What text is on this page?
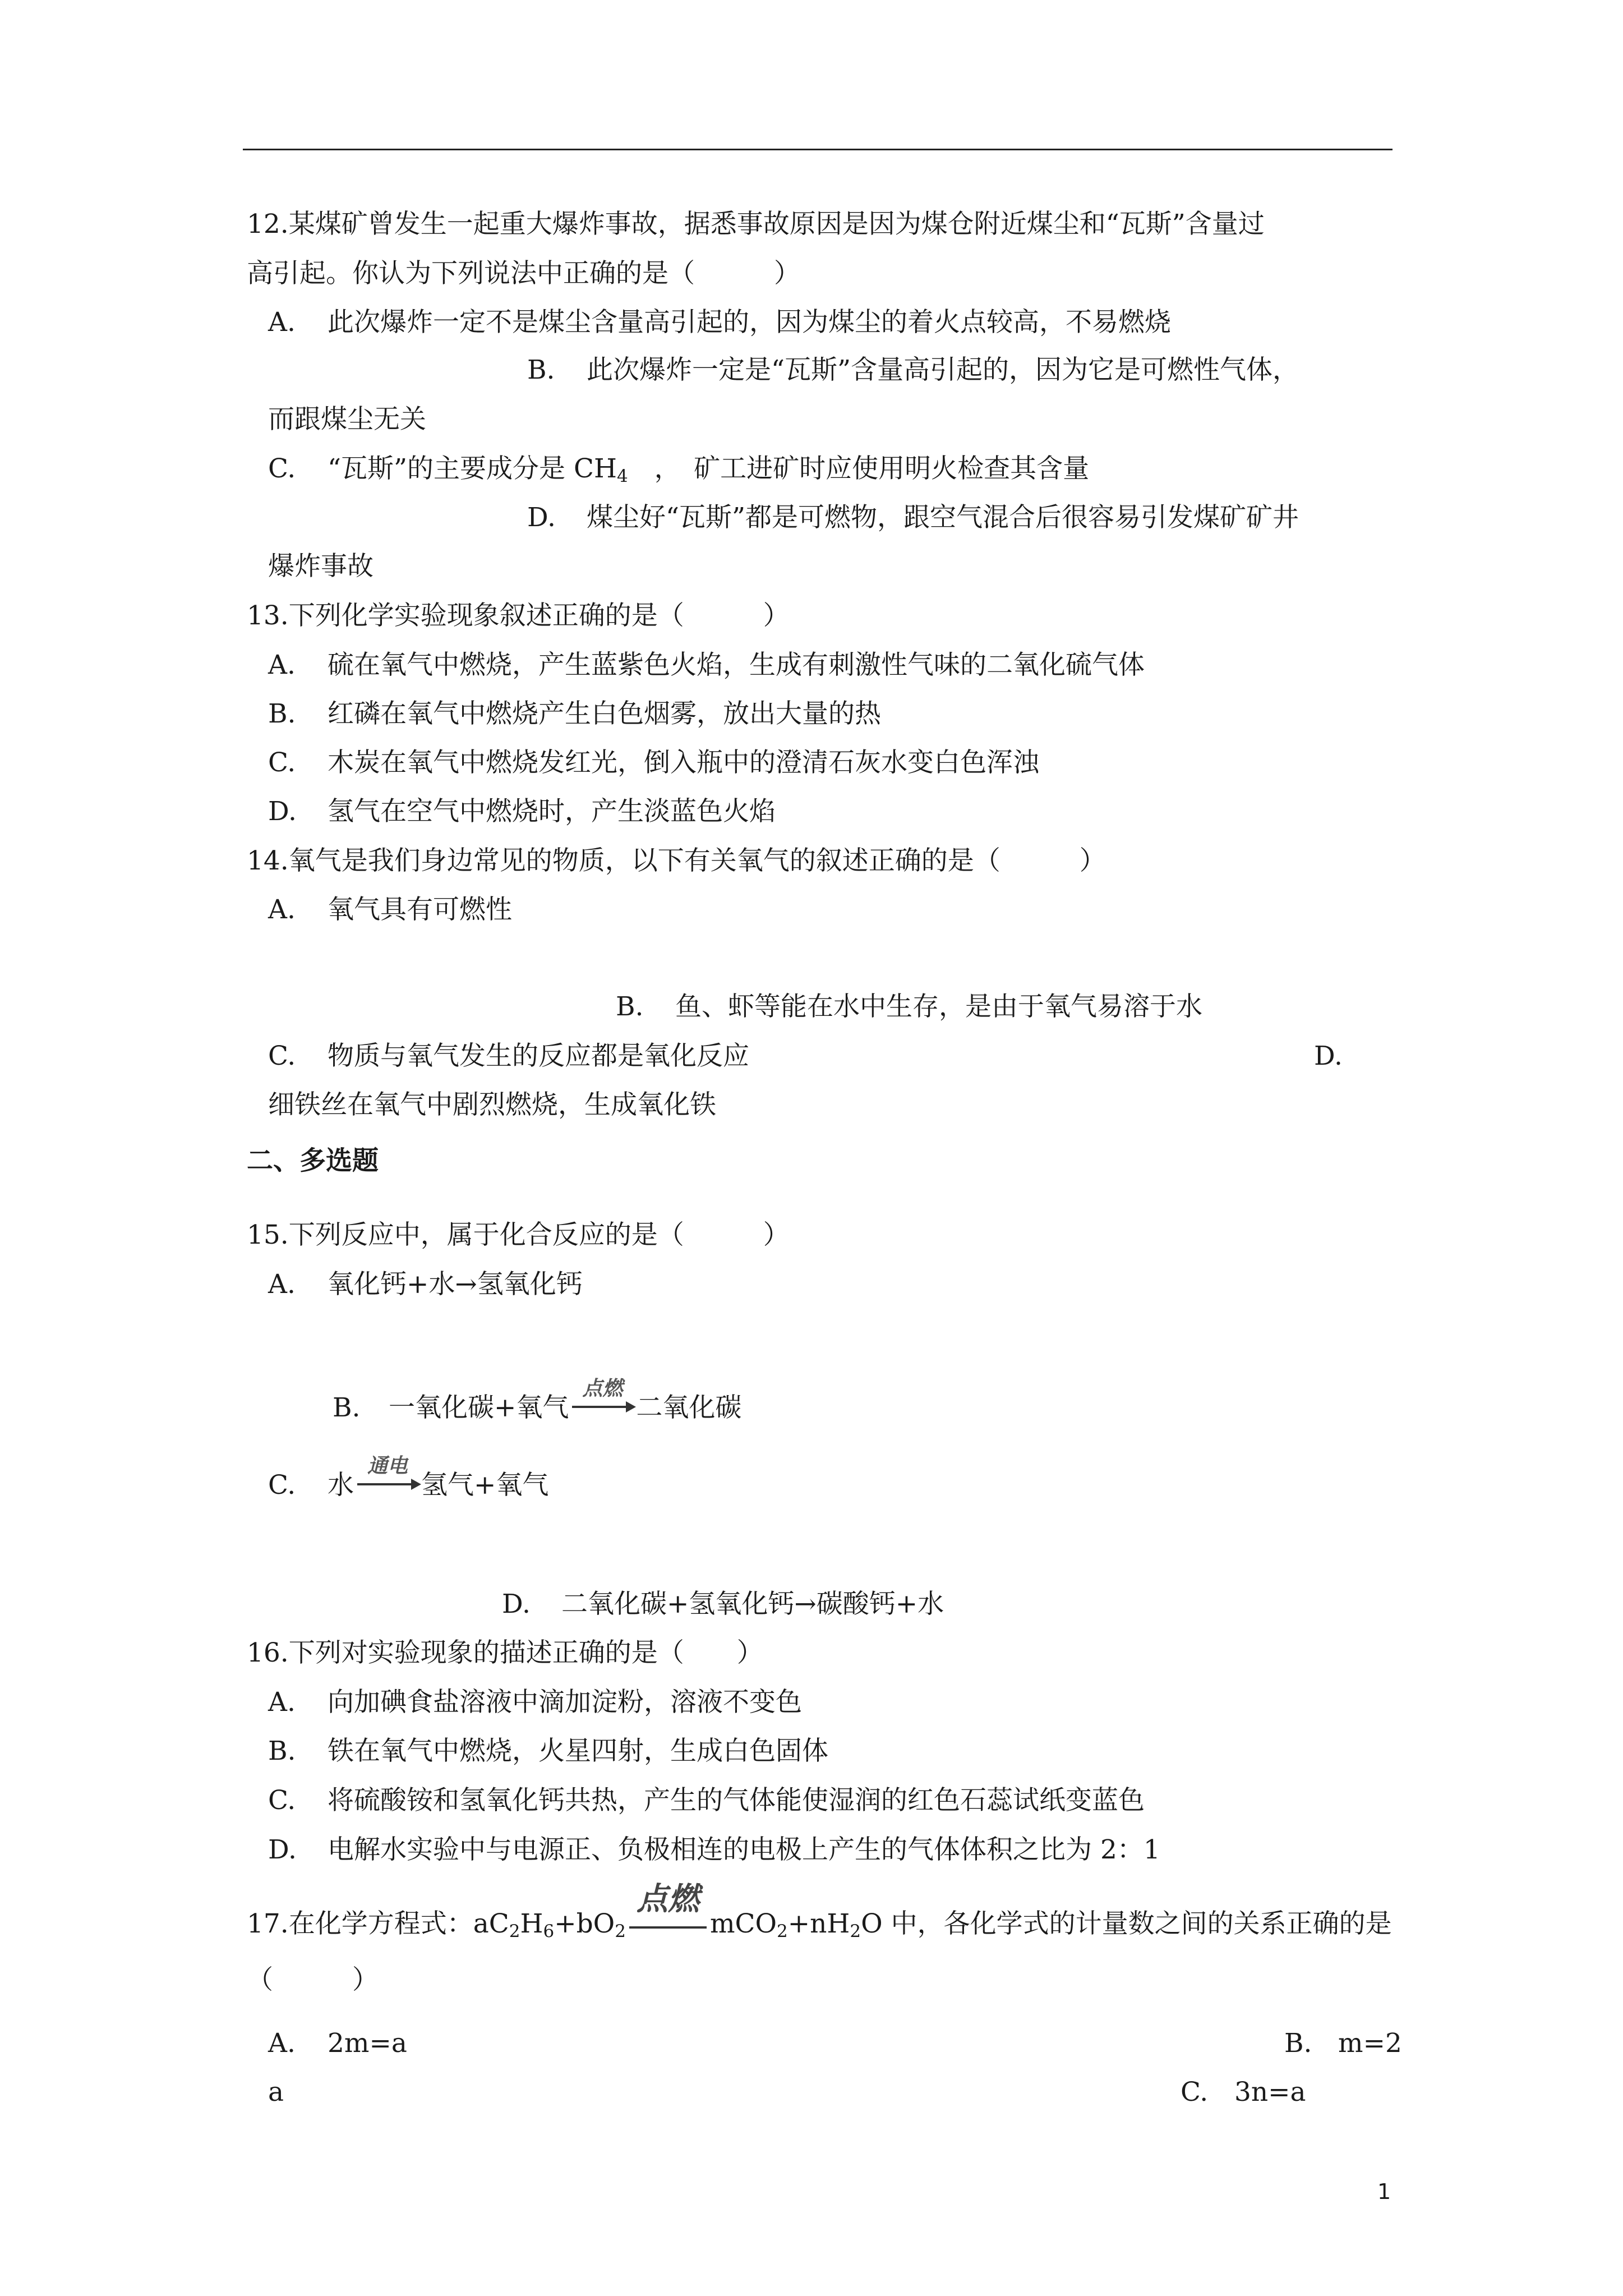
12.某煤矿曾发生一起重大爆炸事故，据悉事故原因是因为煤仓附近煤尘和“瓦斯”含量过
高引起。你认为下列说法中正确的是（　　　）
A. 此次爆炸一定不是煤尘含量高引起的，因为煤尘的着火点较高，不易燃烧
B. 此次爆炸一定是“瓦斯”含量高引起的，因为它是可燃性气体，
而跟煤尘无关
C. “瓦斯”的主要成分是 $CH_4$　，　矿工进矿时应使用明火检查其含量
D. 煤尘好“瓦斯”都是可燃物，跟空气混合后很容易引发煤矿矿井
爆炸事故
13.下列化学实验现象叙述正确的是（　　　）
A. 硫在氧气中燃烧，产生蓝紫色火焰，生成有刺激性气味的二氧化硫气体
B. 红磷在氧气中燃烧产生白色烟雾，放出大量的热
C. 木炭在氧气中燃烧发红光，倒入瓶中的澄清石灰水变白色浑浊
D. 氢气在空气中燃烧时，产生淡蓝色火焰
14.氧气是我们身边常见的物质，以下有关氧气的叙述正确的是（　　　）
A. 氧气具有可燃性
B. 鱼、虾等能在水中生存，是由于氧气易溶于水
C. 物质与氧气发生的反应都是氧化反应	D.
细铁丝在氧气中剧烈燃烧，生成氧化铁
二、多选题
15.下列反应中，属于化合反应的是（　　　）
A. 氧化钙+水→氢氧化钙
B. 一氧化碳+氧气
点燃
二氧化碳
C. 水
通电
氢气+氧气
D. 二氧化碳+氢氧化钙→碳酸钙+水
16.下列对实验现象的描述正确的是（　　）
A. 向加碘食盐溶液中滴加淀粉，溶液不变色
B. 铁在氧气中燃烧，火星四射，生成白色固体
C. 将硫酸铵和氢氧化钙共热，产生的气体能使湿润的红色石蕊试纸变蓝色
D. 电解水实验中与电源正、负极相连的电极上产生的气体体积之比为 2：1
17.在化学方程式：$aC_2H_6+bO_2$
点燃
$mCO_2+nH_2O$ 中，各化学式的计量数之间的关系正确的是
（　　　）
A. 2m=a	B. m=2
a	C. 3n=a
1
